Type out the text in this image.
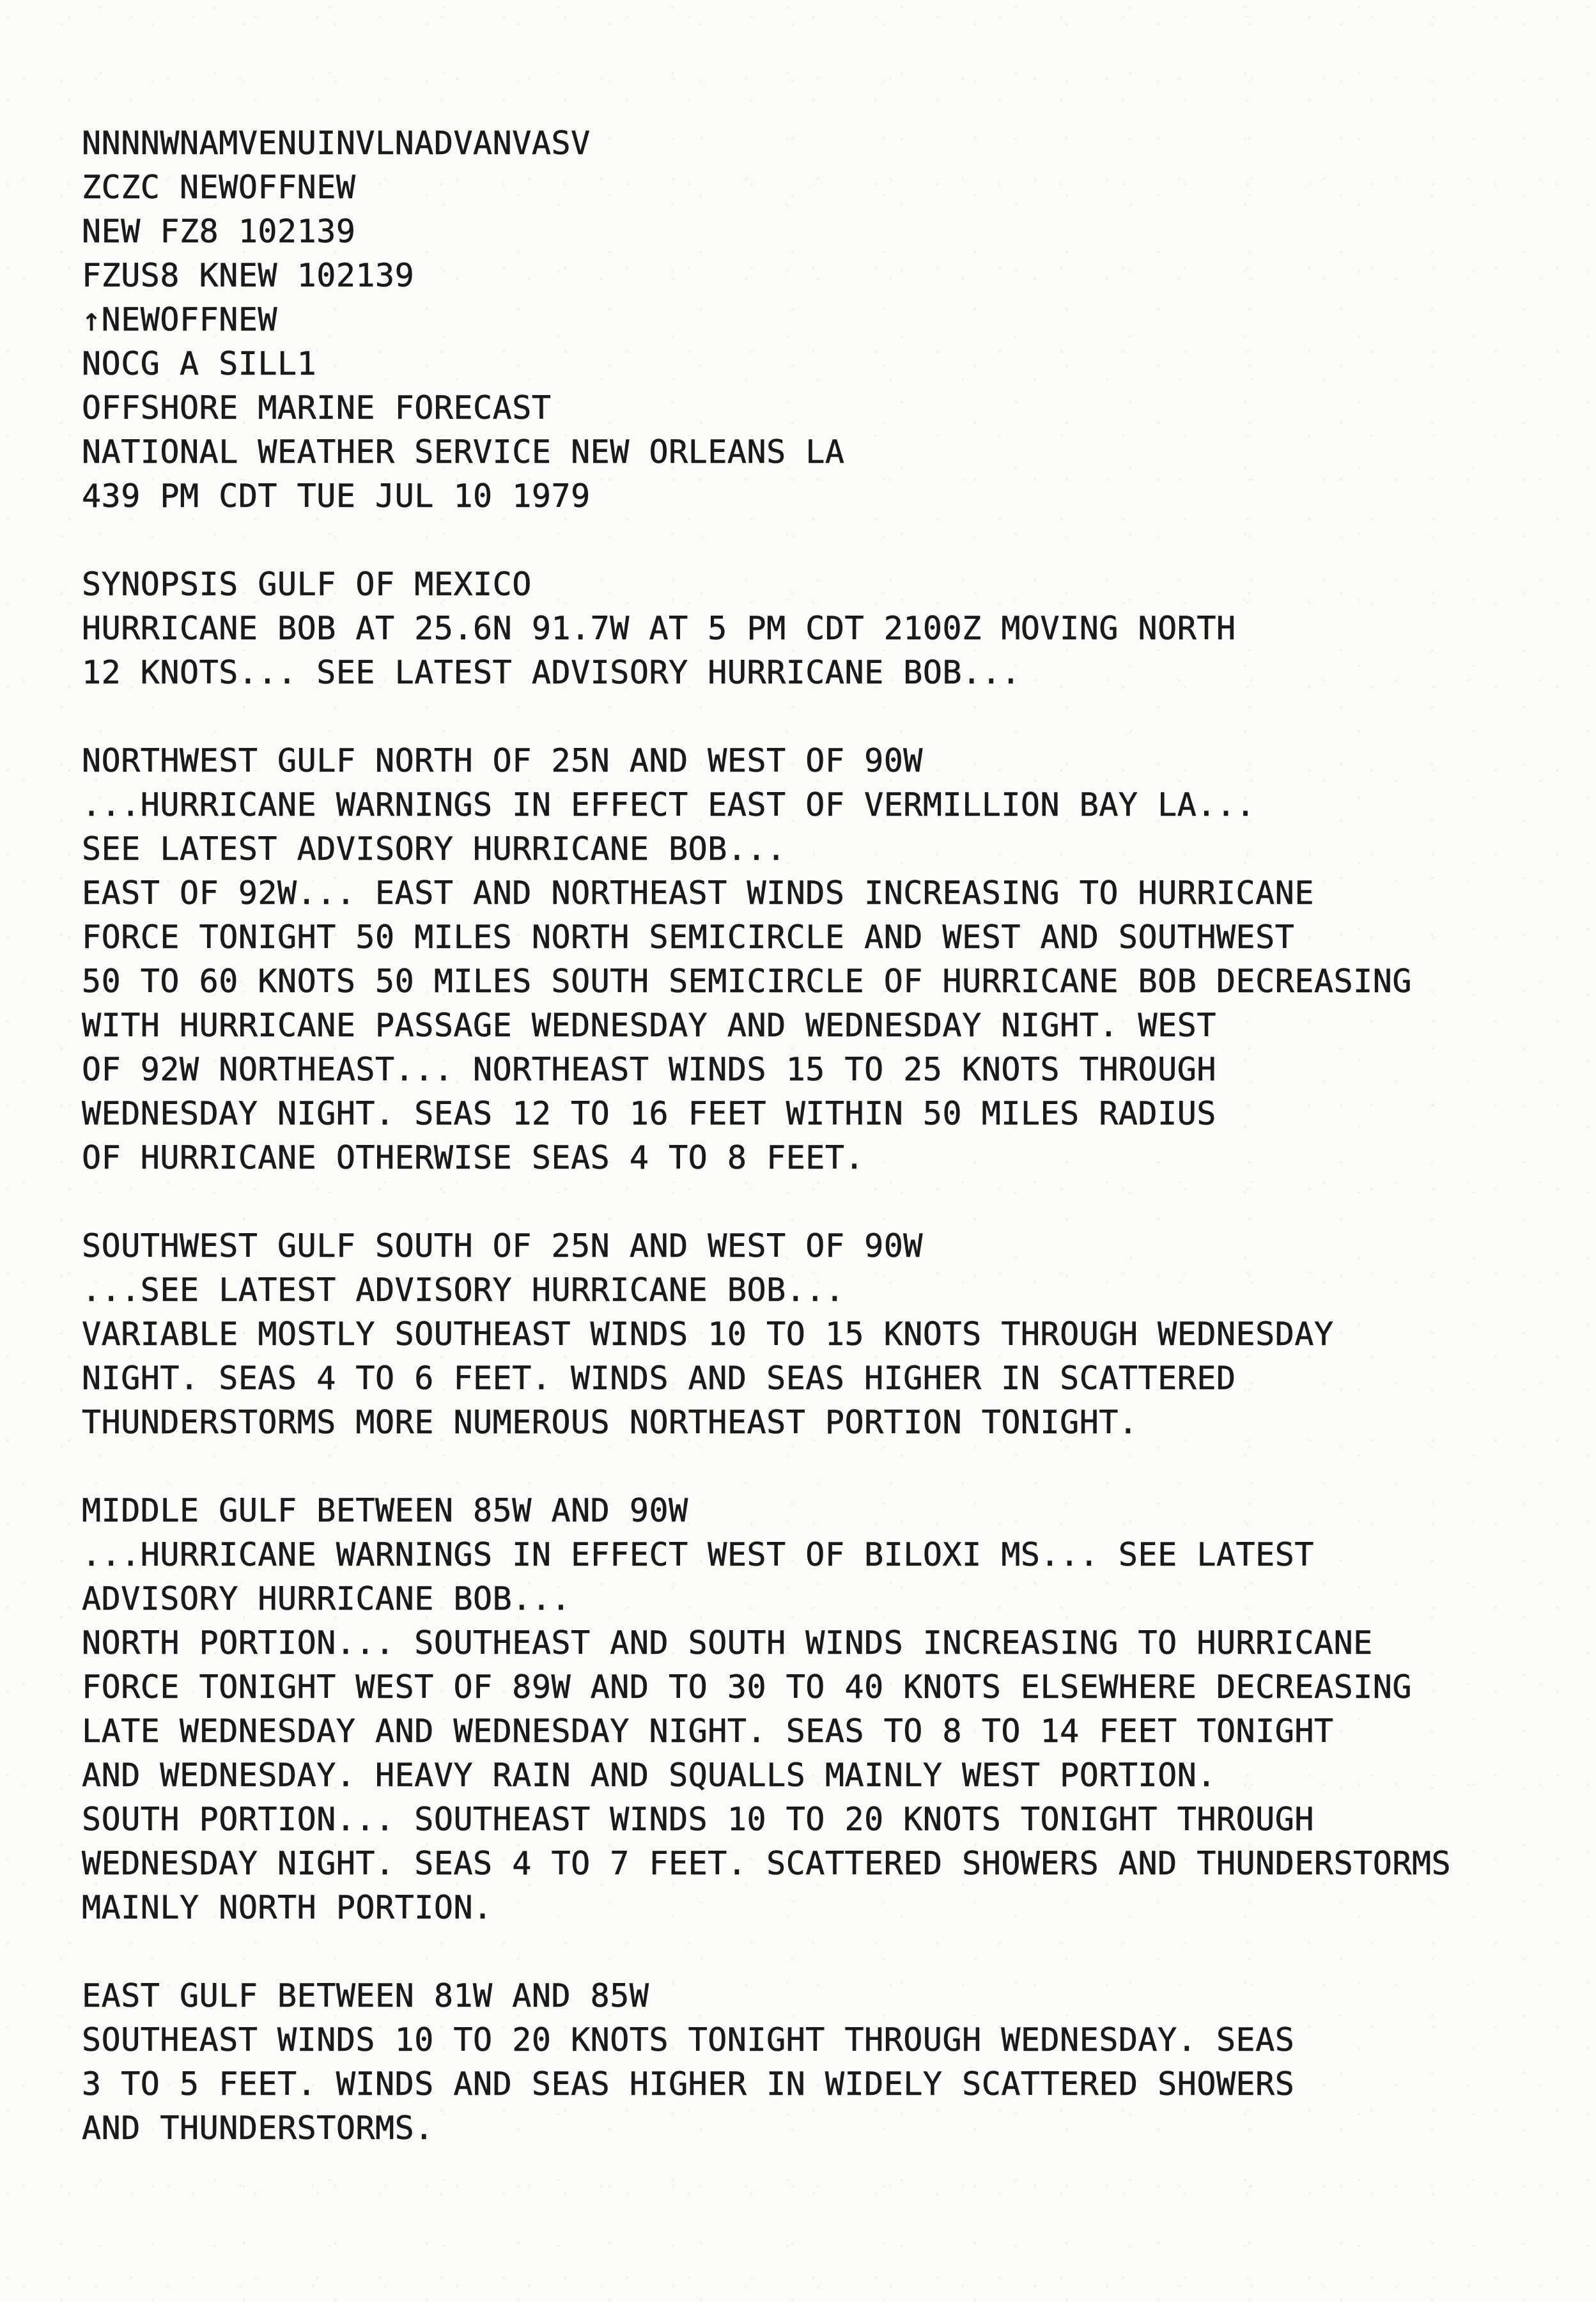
NNNNWNAMVENUINVLNADVANVASV
ZCZC NEWOFFNEW
NEW FZ8 102139
FZUS8 KNEW 102139
↑NEWOFFNEW
NOCG A SILL1
OFFSHORE MARINE FORECAST
NATIONAL WEATHER SERVICE NEW ORLEANS LA
439 PM CDT TUE JUL 10 1979
SYNOPSIS GULF OF MEXICO
HURRICANE BOB AT 25.6N 91.7W AT 5 PM CDT 2100Z MOVING NORTH
12 KNOTS... SEE LATEST ADVISORY HURRICANE BOB...
NORTHWEST GULF NORTH OF 25N AND WEST OF 90W
...HURRICANE WARNINGS IN EFFECT EAST OF VERMILLION BAY LA...
SEE LATEST ADVISORY HURRICANE BOB...
EAST OF 92W... EAST AND NORTHEAST WINDS INCREASING TO HURRICANE
FORCE TONIGHT 50 MILES NORTH SEMICIRCLE AND WEST AND SOUTHWEST
50 TO 60 KNOTS 50 MILES SOUTH SEMICIRCLE OF HURRICANE BOB DECREASING
WITH HURRICANE PASSAGE WEDNESDAY AND WEDNESDAY NIGHT. WEST
OF 92W NORTHEAST... NORTHEAST WINDS 15 TO 25 KNOTS THROUGH
WEDNESDAY NIGHT. SEAS 12 TO 16 FEET WITHIN 50 MILES RADIUS
OF HURRICANE OTHERWISE SEAS 4 TO 8 FEET.
SOUTHWEST GULF SOUTH OF 25N AND WEST OF 90W
...SEE LATEST ADVISORY HURRICANE BOB...
VARIABLE MOSTLY SOUTHEAST WINDS 10 TO 15 KNOTS THROUGH WEDNESDAY
NIGHT. SEAS 4 TO 6 FEET. WINDS AND SEAS HIGHER IN SCATTERED
THUNDERSTORMS MORE NUMEROUS NORTHEAST PORTION TONIGHT.
MIDDLE GULF BETWEEN 85W AND 90W
...HURRICANE WARNINGS IN EFFECT WEST OF BILOXI MS... SEE LATEST
ADVISORY HURRICANE BOB...
NORTH PORTION... SOUTHEAST AND SOUTH WINDS INCREASING TO HURRICANE
FORCE TONIGHT WEST OF 89W AND TO 30 TO 40 KNOTS ELSEWHERE DECREASING
LATE WEDNESDAY AND WEDNESDAY NIGHT. SEAS TO 8 TO 14 FEET TONIGHT
AND WEDNESDAY. HEAVY RAIN AND SQUALLS MAINLY WEST PORTION.
SOUTH PORTION... SOUTHEAST WINDS 10 TO 20 KNOTS TONIGHT THROUGH
WEDNESDAY NIGHT. SEAS 4 TO 7 FEET. SCATTERED SHOWERS AND THUNDERSTORMS
MAINLY NORTH PORTION.
EAST GULF BETWEEN 81W AND 85W
SOUTHEAST WINDS 10 TO 20 KNOTS TONIGHT THROUGH WEDNESDAY. SEAS
3 TO 5 FEET. WINDS AND SEAS HIGHER IN WIDELY SCATTERED SHOWERS
AND THUNDERSTORMS.
